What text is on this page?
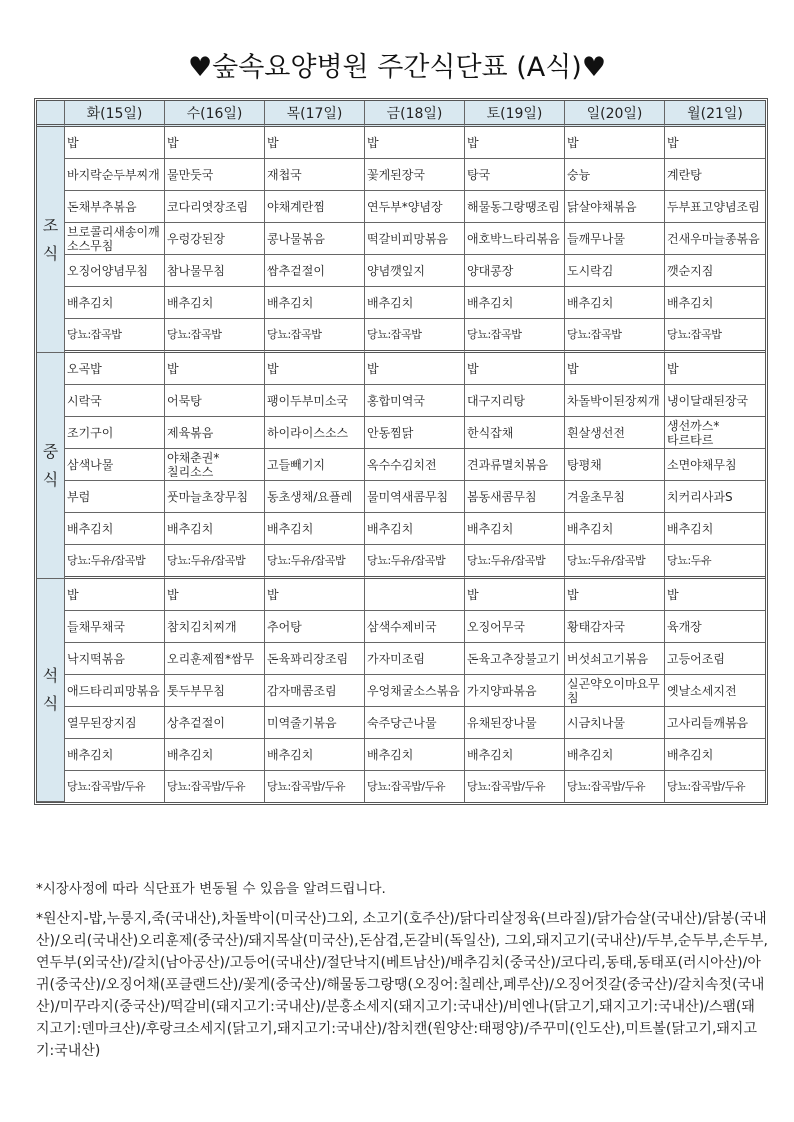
♥숲속요양병원 주간식단표 (A식)♥
	화(15일)	수(16일)	목(17일)	금(18일)	토(19일)	일(20일)	월(21일)

조식	밥	밥	밥	밥	밥	밥	밥
	바지락순두부찌개	물만둣국	재첩국	꽃게된장국	탕국	숭늉	계란탕
	돈채부추볶음	코다리엿장조림	야채계란찜	연두부*양념장	해물동그랑땡조림	닭살야채볶음	두부표고양념조림
	브로콜리새송이깨소스무침	우렁강된장	콩나물볶음	떡갈비피망볶음	애호박느타리볶음	들깨무나물	건새우마늘종볶음
	오징어양념무침	참나물무침	쌈추겉절이	양념깻잎지	양대콩장	도시락김	깻순지짐
	배추김치	배추김치	배추김치	배추김치	배추김치	배추김치	배추김치
	당뇨:잡곡밥	당뇨:잡곡밥	당뇨:잡곡밥	당뇨:잡곡밥	당뇨:잡곡밥	당뇨:잡곡밥	당뇨:잡곡밥

중식	오곡밥	밥	밥	밥	밥	밥	밥
	시락국	어묵탕	팽이두부미소국	홍합미역국	대구지리탕	차돌박이된장찌개	냉이달래된장국
	조기구이	제육볶음	하이라이스소스	안동찜닭	한식잡채	흰살생선전	생선까스*타르타르
	삼색나물	야채춘권*칠리소스	고들빼기지	옥수수김치전	견과류멸치볶음	탕평채	소면야채무침
	부럼	풋마늘초장무침	동초생채/요플레	물미역새콤무침	봄동새콤무침	겨울초무침	치커리사과S
	배추김치	배추김치	배추김치	배추김치	배추김치	배추김치	배추김치
	당뇨:두유/잡곡밥	당뇨:두유/잡곡밥	당뇨:두유/잡곡밥	당뇨:두유/잡곡밥	당뇨:두유/잡곡밥	당뇨:두유/잡곡밥	당뇨:두유

석식	밥	밥	밥		밥	밥	밥
	들채무채국	참치김치찌개	추어탕	삼색수제비국	오징어무국	황태감자국	육개장
	낙지떡볶음	오리훈제찜*쌈무	돈육꽈리장조림	가자미조림	돈육고추장불고기	버섯쇠고기볶음	고등어조림
	애드타리피망볶음	톳두부무침	감자매콤조림	우엉채굴소스볶음	가지양파볶음	실곤약오이마요무침	옛날소세지전
	열무된장지짐	상추겉절이	미역줄기볶음	숙주당근나물	유채된장나물	시금치나물	고사리들깨볶음
	배추김치	배추김치	배추김치	배추김치	배추김치	배추김치	배추김치
	당뇨:잡곡밥/두유	당뇨:잡곡밥/두유	당뇨:잡곡밥/두유	당뇨:잡곡밥/두유	당뇨:잡곡밥/두유	당뇨:잡곡밥/두유	당뇨:잡곡밥/두유
*시장사정에 따라 식단표가 변동될 수 있음을 알려드립니다.
*원산지-밥,누룽지,죽(국내산),차돌박이(미국산)그외, 소고기(호주산)/닭다리살정육(브라질)/닭가슴살(국내산)/닭봉(국내산)/오리(국내산)오리훈제(중국산)/돼지목살(미국산),돈삼겹,돈갈비(독일산), 그외,돼지고기(국내산)/두부,순두부,손두부,연두부(외국산)/갈치(남아공산)/고등어(국내산)/절단낙지(베트남산)/배추김치(중국산)/코다리,동태,동태포(러시아산)/아귀(중국산)/오징어채(포클랜드산)/꽃게(중국산)/해물동그랑땡(오징어:칠레산,페루산)/오징어젓갈(중국산)/갈치속젓(국내산)/미꾸라지(중국산)/떡갈비(돼지고기:국내산)/분홍소세지(돼지고기:국내산)/비엔나(닭고기,돼지고기:국내산)/스팸(돼지고기:덴마크산)/후랑크소세지(닭고기,돼지고기:국내산)/참치캔(원양산:태평양)/주꾸미(인도산),미트볼(닭고기,돼지고기:국내산)
